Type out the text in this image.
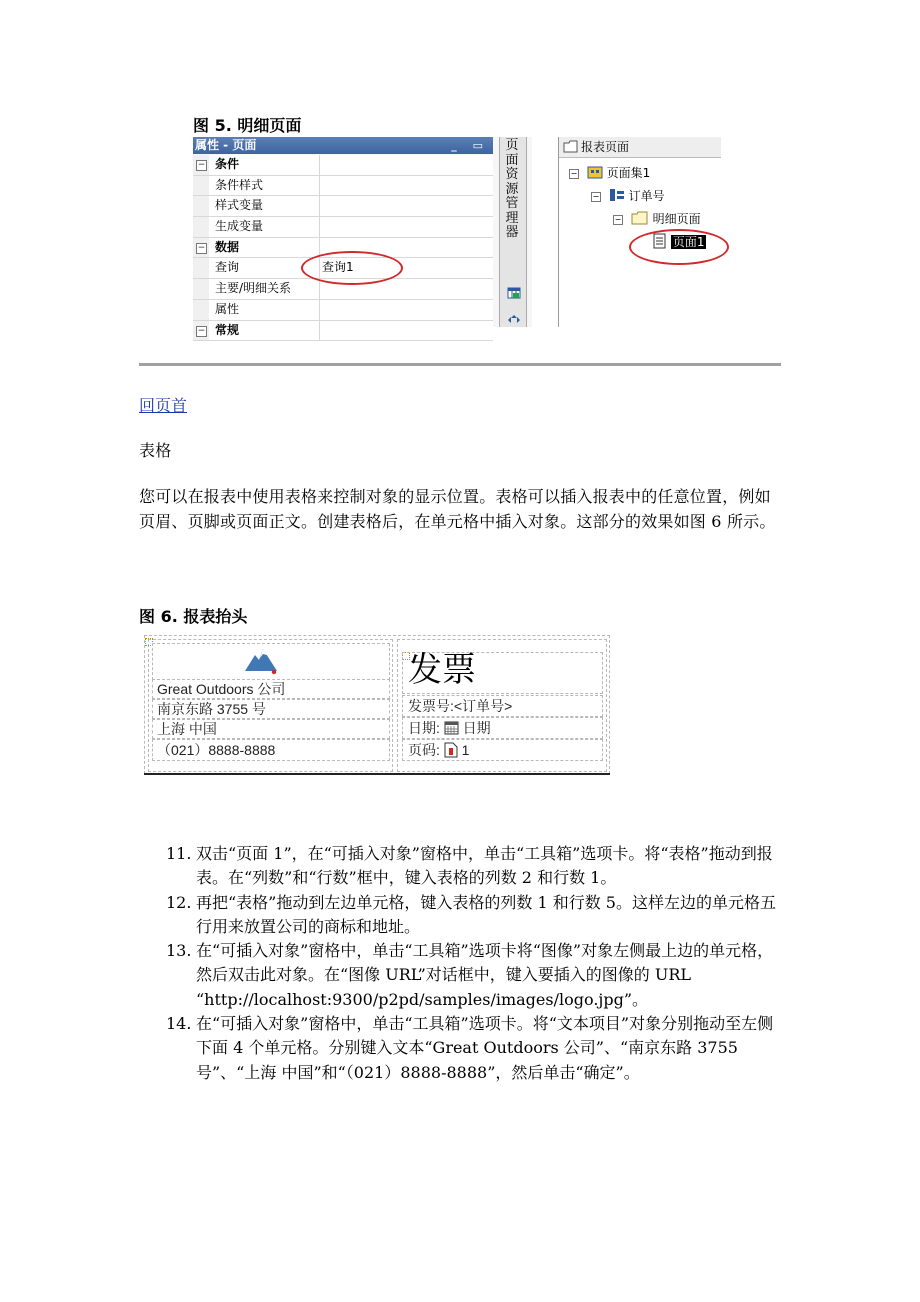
图 5. 明细页面
属性 - 页面	_ ▭
− 条件
条件样式
样式变量
生成变量
− 数据
查询	查询1
主要/明细关系
属性
− 常规
页面资源管理器
报表页面
− 页面集1
− 订单号
−	明细页面
页面1
回页首
表格
您可以在报表中使用表格来控制对象的显示位置。表格可以插入报表中的任意位置，例如页眉、页脚或页面正文。创建表格后，在单元格中插入对象。这部分的效果如图 6 所示。
图 6. 报表抬头
Great Outdoors 公司
南京东路 3755 号
上海 中国
（021）8888-8888
发票
发票号:<订单号>
日期: 日期
页码: 1
11. 双击“页面 1”，在“可插入对象”窗格中，单击“工具箱”选项卡。将“表格”拖动到报表。在“列数”和“行数”框中，键入表格的列数 2 和行数 1。
12. 再把“表格”拖动到左边单元格，键入表格的列数 1 和行数 5。这样左边的单元格五行用来放置公司的商标和地址。
13. 在“可插入对象”窗格中，单击“工具箱”选项卡将“图像”对象左侧最上边的单元格，然后双击此对象。在“图像 URL”对话框中，键入要插入的图像的 URL “http://localhost:9300/p2pd/samples/images/logo.jpg”。
14. 在“可插入对象”窗格中，单击“工具箱”选项卡。将“文本项目”对象分别拖动至左侧下面 4 个单元格。分别键入文本“Great Outdoors 公司”、“南京东路 3755 号”、“上海 中国”和“（021）8888-8888”，然后单击“确定”。
